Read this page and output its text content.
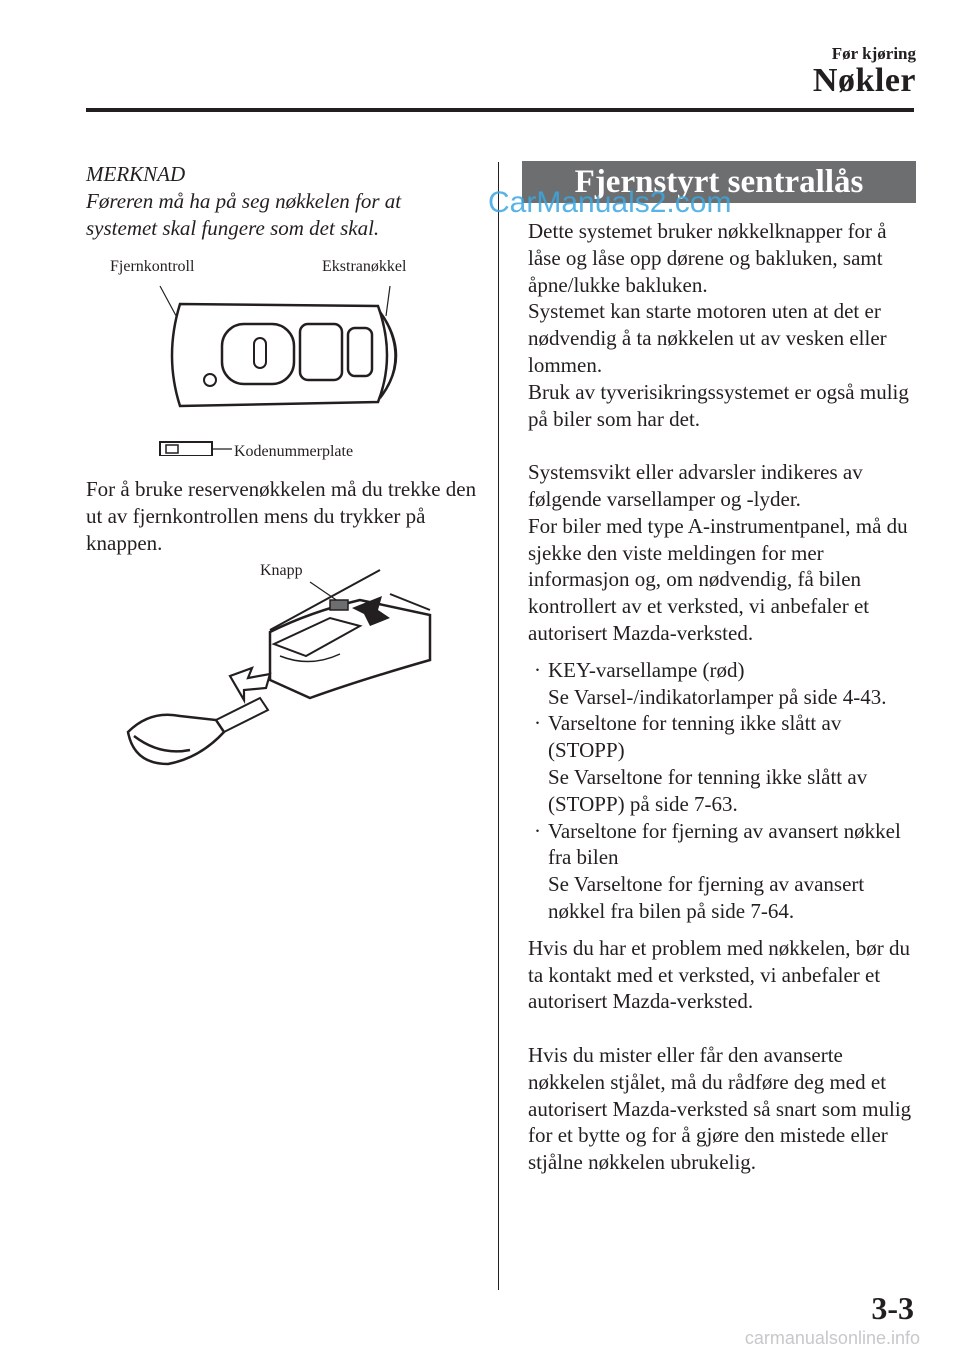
Før kjøring
Nøkler
MERKNAD
Føreren må ha på seg nøkkelen for at systemet skal fungere som det skal.
Fjernkontroll	Ekstranøkkel
Kodenummerplate
For å bruke reservenøkkelen må du trekke den ut av fjernkontrollen mens du trykker på knappen.
Knapp
Fjernstyrt sentrallås
CarManuals2.com

Dette systemet bruker nøkkelknapper for å låse og låse opp dørene og bakluken, samt åpne/lukke bakluken.

Systemet kan starte motoren uten at det er nødvendig å ta nøkkelen ut av vesken eller lommen.

Bruk av tyverisikringssystemet er også mulig på biler som har det.

Systemsvikt eller advarsler indikeres av følgende varsellamper og -lyder.

For biler med type A-instrumentpanel, må du sjekke den viste meldingen for mer informasjon og, om nødvendig, få bilen kontrollert av et verksted, vi anbefaler et autorisert Mazda-verksted.

· KEY-varsellampe (rød)
Se Varsel-/indikatorlamper på side 4-43.
· Varseltone for tenning ikke slått av (STOPP)
Se Varseltone for tenning ikke slått av (STOPP) på side 7-63.
· Varseltone for fjerning av avansert nøkkel fra bilen
Se Varseltone for fjerning av avansert nøkkel fra bilen på side 7-64.

Hvis du har et problem med nøkkelen, bør du ta kontakt med et verksted, vi anbefaler et autorisert Mazda-verksted.

Hvis du mister eller får den avanserte nøkkelen stjålet, må du rådføre deg med et autorisert Mazda-verksted så snart som mulig for et bytte og for å gjøre den mistede eller stjålne nøkkelen ubrukelig.

3-3
carmanualsonline.info
